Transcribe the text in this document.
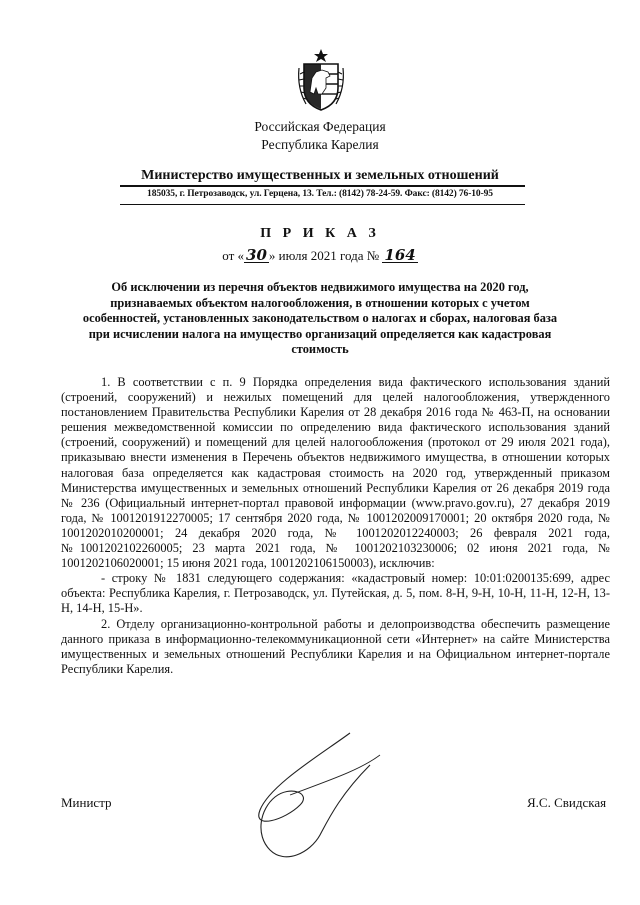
Российская Федерация
Республика Карелия
Министерство имущественных и земельных отношений
185035, г. Петрозаводск, ул. Герцена, 13. Тел.: (8142) 78-24-59. Факс: (8142) 76-10-95
П Р И К А З
от « 30 » июля 2021 года № 164
Об исключении из перечня объектов недвижимого имущества на 2020 год, признаваемых объектом налогообложения, в отношении которых с учетом особенностей, установленных законодательством о налогах и сборах, налоговая база при исчислении налога на имущество организаций определяется как кадастровая стоимость

1. В соответствии с п. 9 Порядка определения вида фактического использования зданий (строений, сооружений) и нежилых помещений для целей налогообложения, утвержденного постановлением Правительства Республики Карелия от 28 декабря 2016 года № 463-П, на основании решения межведомственной комиссии по определению вида фактического использования зданий (строений, сооружений) и помещений для целей налогообложения (протокол от 29 июля 2021 года), приказываю внести изменения в Перечень объектов недвижимого имущества, в отношении которых налоговая база определяется как кадастровая стоимость на 2020 год, утвержденный приказом Министерства имущественных и земельных отношений Республики Карелия от 26 декабря 2019 года № 236 (Официальный интернет-портал правовой информации (www.pravo.gov.ru), 27 декабря 2019 года, № 1001201912270005; 17 сентября 2020 года, № 1001202009170001; 20 октября 2020 года, № 1001202010200001; 24 декабря 2020 года, № 1001202012240003; 26 февраля 2021 года, №1001202102260005; 23 марта 2021 года, № 1001202103230006; 02 июня 2021 года, № 1001202106020001; 15 июня 2021 года, 1001202106150003), исключив:

- строку № 1831 следующего содержания: «кадастровый номер: 10:01:0200135:699, адрес объекта: Республика Карелия, г. Петрозаводск, ул. Путейская, д. 5, пом. 8-Н, 9-Н, 10-Н, 11-Н, 12-Н, 13-Н, 14-Н, 15-Н».

2. Отделу организационно-контрольной работы и делопроизводства обеспечить размещение данного приказа в информационно-телекоммуникационной сети «Интернет» на сайте Министерства имущественных и земельных отношений Республики Карелия и на Официальном интернет-портале Республики Карелия.

Министр	Я.С. Свидская
